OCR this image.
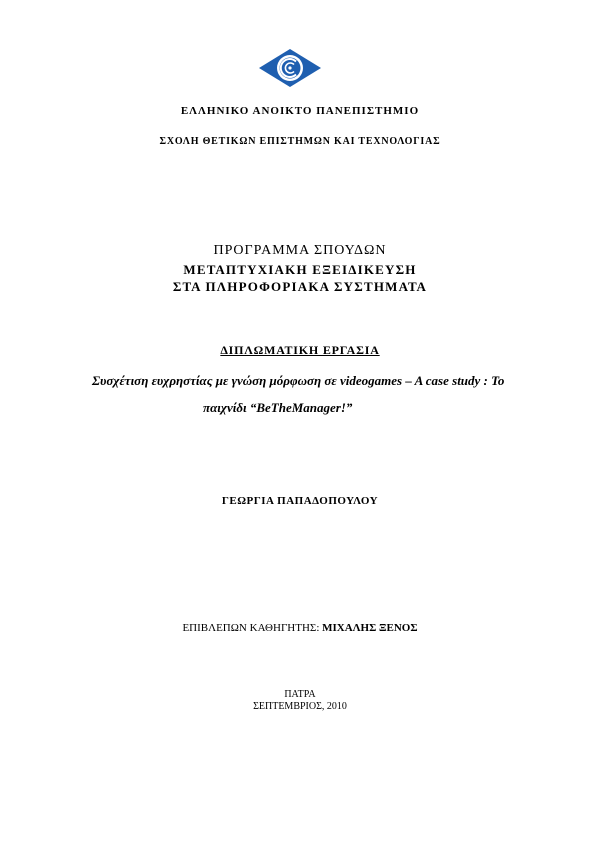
ΕΛΛΗΝΙΚΟ ΑΝΟΙΚΤΟ ΠΑΝΕΠΙΣΤΗΜΙΟ
ΣΧΟΛΗ ΘΕΤΙΚΩΝ ΕΠΙΣΤΗΜΩΝ ΚΑΙ ΤΕΧΝΟΛΟΓΙΑΣ
ΠΡΟΓΡΑΜΜΑ ΣΠΟΥΔΩΝ
ΜΕΤΑΠΤΥΧΙΑΚΗ ΕΞΕΙΔΙΚΕΥΣΗ
ΣΤΑ ΠΛΗΡΟΦΟΡΙΑΚΑ ΣΥΣΤΗΜΑΤΑ
ΔΙΠΛΩΜΑΤΙΚΗ ΕΡΓΑΣΙΑ
Συσχέτιση ευχρηστίας με γνώση μόρφωση σε videogames – A case study : Το
παιχνίδι “BeTheManager!”
ΓΕΩΡΓΙΑ ΠΑΠΑΔΟΠΟΥΛΟΥ
ΕΠΙΒΛΕΠΩΝ ΚΑΘΗΓΗΤΗΣ: ΜΙΧΑΛΗΣ ΞΕΝΟΣ
ΠΑΤΡΑ
ΣΕΠΤΕΜΒΡΙΟΣ, 2010
